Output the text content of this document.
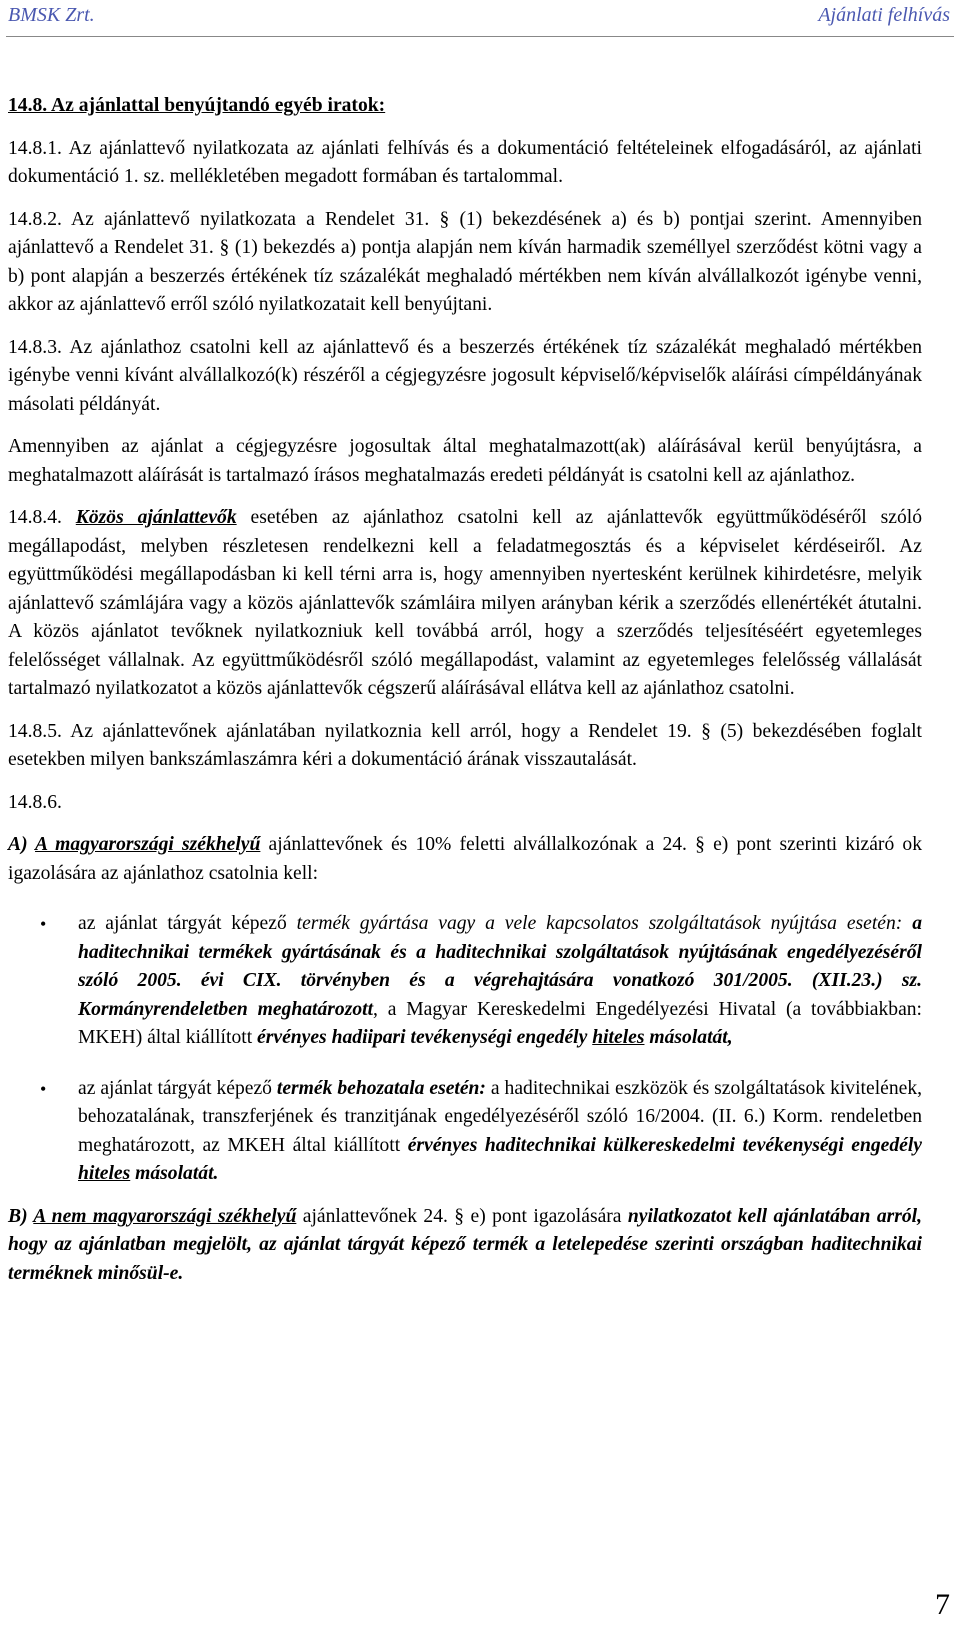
BMSK Zrt.	Ajánlati felhívás

14.8. Az ajánlattal benyújtandó egyéb iratok:

14.8.1. Az ajánlattevő nyilatkozata az ajánlati felhívás és a dokumentáció feltételeinek elfogadásáról, az ajánlati dokumentáció 1. sz. mellékletében megadott formában és tartalommal.

14.8.2. Az ajánlattevő nyilatkozata a Rendelet 31. § (1) bekezdésének a) és b) pontjai szerint. Amennyiben ajánlattevő a Rendelet 31. § (1) bekezdés a) pontja alapján nem kíván harmadik személlyel szerződést kötni vagy a b) pont alapján a beszerzés értékének tíz százalékát meghaladó mértékben nem kíván alvállalkozót igénybe venni, akkor az ajánlattevő erről szóló nyilatkozatait kell benyújtani.

14.8.3. Az ajánlathoz csatolni kell az ajánlattevő és a beszerzés értékének tíz százalékát meghaladó mértékben igénybe venni kívánt alvállalkozó(k) részéről a cégjegyzésre jogosult képviselő/képviselők aláírási címpéldányának másolati példányát.

Amennyiben az ajánlat a cégjegyzésre jogosultak által meghatalmazott(ak) aláírásával kerül benyújtásra, a meghatalmazott aláírását is tartalmazó írásos meghatalmazás eredeti példányát is csatolni kell az ajánlathoz.

14.8.4. Közös ajánlattevők esetében az ajánlathoz csatolni kell az ajánlattevők együttműködéséről szóló megállapodást, melyben részletesen rendelkezni kell a feladatmegosztás és a képviselet kérdéseiről. Az együttműködési megállapodásban ki kell térni arra is, hogy amennyiben nyertesként kerülnek kihirdetésre, melyik ajánlattevő számlájára vagy a közös ajánlattevők számláira milyen arányban kérik a szerződés ellenértékét átutalni. A közös ajánlatot tevőknek nyilatkozniuk kell továbbá arról, hogy a szerződés teljesítéséért egyetemleges felelősséget vállalnak. Az együttműködésről szóló megállapodást, valamint az egyetemleges felelősség vállalását tartalmazó nyilatkozatot a közös ajánlattevők cégszerű aláírásával ellátva kell az ajánlathoz csatolni.

14.8.5. Az ajánlattevőnek ajánlatában nyilatkoznia kell arról, hogy a Rendelet 19. § (5) bekezdésében foglalt esetekben milyen bankszámlaszámra kéri a dokumentáció árának visszautalását.

14.8.6.

A) A magyarországi székhelyű ajánlattevőnek és 10% feletti alvállalkozónak a 24. § e) pont szerinti kizáró ok igazolására az ajánlathoz csatolnia kell:

• az ajánlat tárgyát képező termék gyártása vagy a vele kapcsolatos szolgáltatások nyújtása esetén: a haditechnikai termékek gyártásának és a haditechnikai szolgáltatások nyújtásának engedélyezéséről szóló 2005. évi CIX. törvényben és a végrehajtására vonatkozó 301/2005. (XII.23.) sz. Kormányrendeletben meghatározott, a Magyar Kereskedelmi Engedélyezési Hivatal (a továbbiakban: MKEH) által kiállított érvényes hadiipari tevékenységi engedély hiteles másolatát,
• az ajánlat tárgyát képező termék behozatala esetén: a haditechnikai eszközök és szolgáltatások kivitelének, behozatalának, transzferjének és tranzitjának engedélyezéséről szóló 16/2004. (II. 6.) Korm. rendeletben meghatározott, az MKEH által kiállított érvényes haditechnikai külkereskedelmi tevékenységi engedély hiteles másolatát.

B) A nem magyarországi székhelyű ajánlattevőnek 24. § e) pont igazolására nyilatkozatot kell ajánlatában arról, hogy az ajánlatban megjelölt, az ajánlat tárgyát képező termék a letelepedése szerinti országban haditechnikai terméknek minősül-e.

7
